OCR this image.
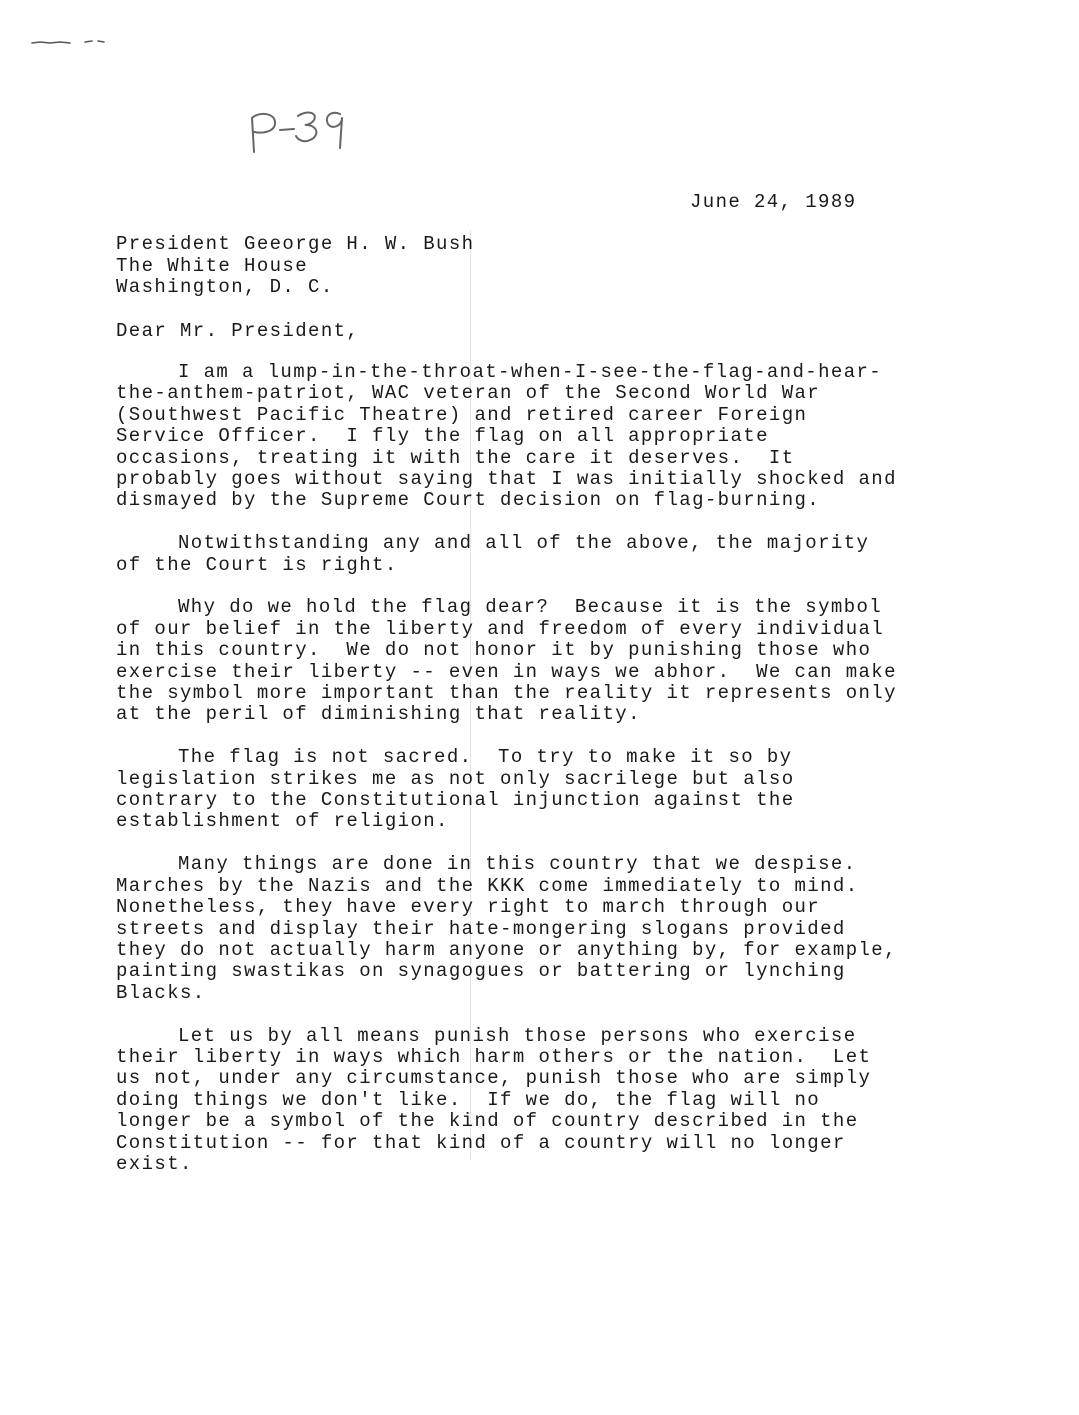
June 24, 1989
President Geeorge H. W. Bush
The White House
Washington, D. C.
Dear Mr. President,
I am a lump-in-the-throat-when-I-see-the-flag-and-hear-
the-anthem-patriot, WAC veteran of the Second World War
(Southwest Pacific Theatre) and retired career Foreign
Service Officer.  I fly the flag on all appropriate
occasions, treating it with the care it deserves.  It
probably goes without saying that I was initially shocked and
dismayed by the Supreme Court decision on flag-burning.
Notwithstanding any and all of the above, the majority
of the Court is right.
Why do we hold the flag dear?  Because it is the symbol
of our belief in the liberty and freedom of every individual
in this country.  We do not honor it by punishing those who
exercise their liberty -- even in ways we abhor.  We can make
the symbol more important than the reality it represents only
at the peril of diminishing that reality.
The flag is not sacred.  To try to make it so by
legislation strikes me as not only sacrilege but also
contrary to the Constitutional injunction against the
establishment of religion.
Many things are done in this country that we despise.
Marches by the Nazis and the KKK come immediately to mind.
Nonetheless, they have every right to march through our
streets and display their hate-mongering slogans provided
they do not actually harm anyone or anything by, for example,
painting swastikas on synagogues or battering or lynching
Blacks.
Let us by all means punish those persons who exercise
their liberty in ways which harm others or the nation.  Let
us not, under any circumstance, punish those who are simply
doing things we don't like.  If we do, the flag will no
longer be a symbol of the kind of country described in the
Constitution -- for that kind of a country will no longer
exist.
